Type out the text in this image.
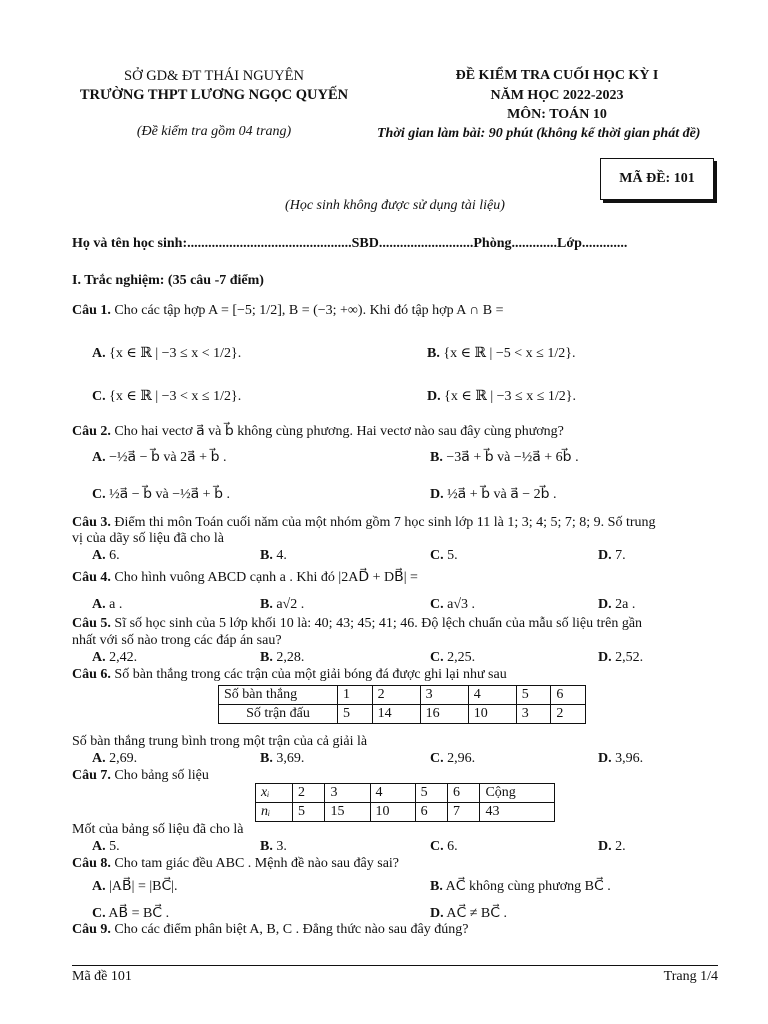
SỞ GD& ĐT THÁI NGUYÊN
TRƯỜNG THPT LƯƠNG NGỌC QUYẾN
(Đề kiểm tra gồm 04 trang)
ĐỀ KIỂM TRA CUỐI HỌC KỲ I
NĂM HỌC 2022-2023
MÔN: TOÁN 10
Thời gian làm bài: 90 phút (không kể thời gian phát đề)
MÃ ĐỀ: 101
(Học sinh không được sử dụng tài liệu)
Họ và tên học sinh:...............................................SBD...........................Phòng.............Lớp.............
I. Trắc nghiệm: (35 câu -7 điểm)
Câu 1. Cho các tập hợp A = [−5; 1/2], B = (−3; +∞). Khi đó tập hợp A ∩ B =
A. {x ∈ ℝ | −3 ≤ x < 1/2}.	B. {x ∈ ℝ | −5 < x ≤ 1/2}.
C. {x ∈ ℝ | −3 < x ≤ 1/2}.	D. {x ∈ ℝ | −3 ≤ x ≤ 1/2}.
Câu 2. Cho hai vectơ a⃗ và b⃗ không cùng phương. Hai vectơ nào sau đây cùng phương?
A. −½a⃗ − b⃗ và 2a⃗ + b⃗ .	B. −3a⃗ + b⃗ và −½a⃗ + 6b⃗ .
C. ½a⃗ − b⃗ và −½a⃗ + b⃗ .	D. ½a⃗ + b⃗ và a⃗ − 2b⃗ .
Câu 3. Điểm thi môn Toán cuối năm của một nhóm gồm 7 học sinh lớp 11 là 1; 3; 4; 5; 7; 8; 9. Số trung
vị của dãy số liệu đã cho là
A. 6.	B. 4.	C. 5.	D. 7.
Câu 4. Cho hình vuông ABCD cạnh a . Khi đó |2AD⃗ + DB⃗| =
A. a .	B. a√2 .	C. a√3 .	D. 2a .
Câu 5. Sĩ số học sinh của 5 lớp khối 10 là: 40; 43; 45; 41; 46. Độ lệch chuẩn của mẫu số liệu trên gần
nhất với số nào trong các đáp án sau?
A. 2,42.	B. 2,28.	C. 2,25.	D. 2,52.
Câu 6. Số bàn thắng trong các trận của một giải bóng đá được ghi lại như sau
Số bàn thắng	1	2	3	4	5	6
Số trận đấu	5	14	16	10	3	2
Số bàn thắng trung bình trong một trận của cả giải là
A. 2,69.	B. 3,69.	C. 2,96.	D. 3,96.
Câu 7. Cho bảng số liệu
xᵢ	2	3	4	5	6	Cộng
nᵢ	5	15	10	6	7	43
Mốt của bảng số liệu đã cho là
A. 5.	B. 3.	C. 6.	D. 2.
Câu 8. Cho tam giác đều ABC . Mệnh đề nào sau đây sai?
A. |AB⃗| = |BC⃗|.	B. AC⃗ không cùng phương BC⃗ .
C. AB⃗ = BC⃗ .	D. AC⃗ ≠ BC⃗ .
Câu 9. Cho các điểm phân biệt A, B, C . Đẳng thức nào sau đây đúng?
Mã đề 101	Trang 1/4
